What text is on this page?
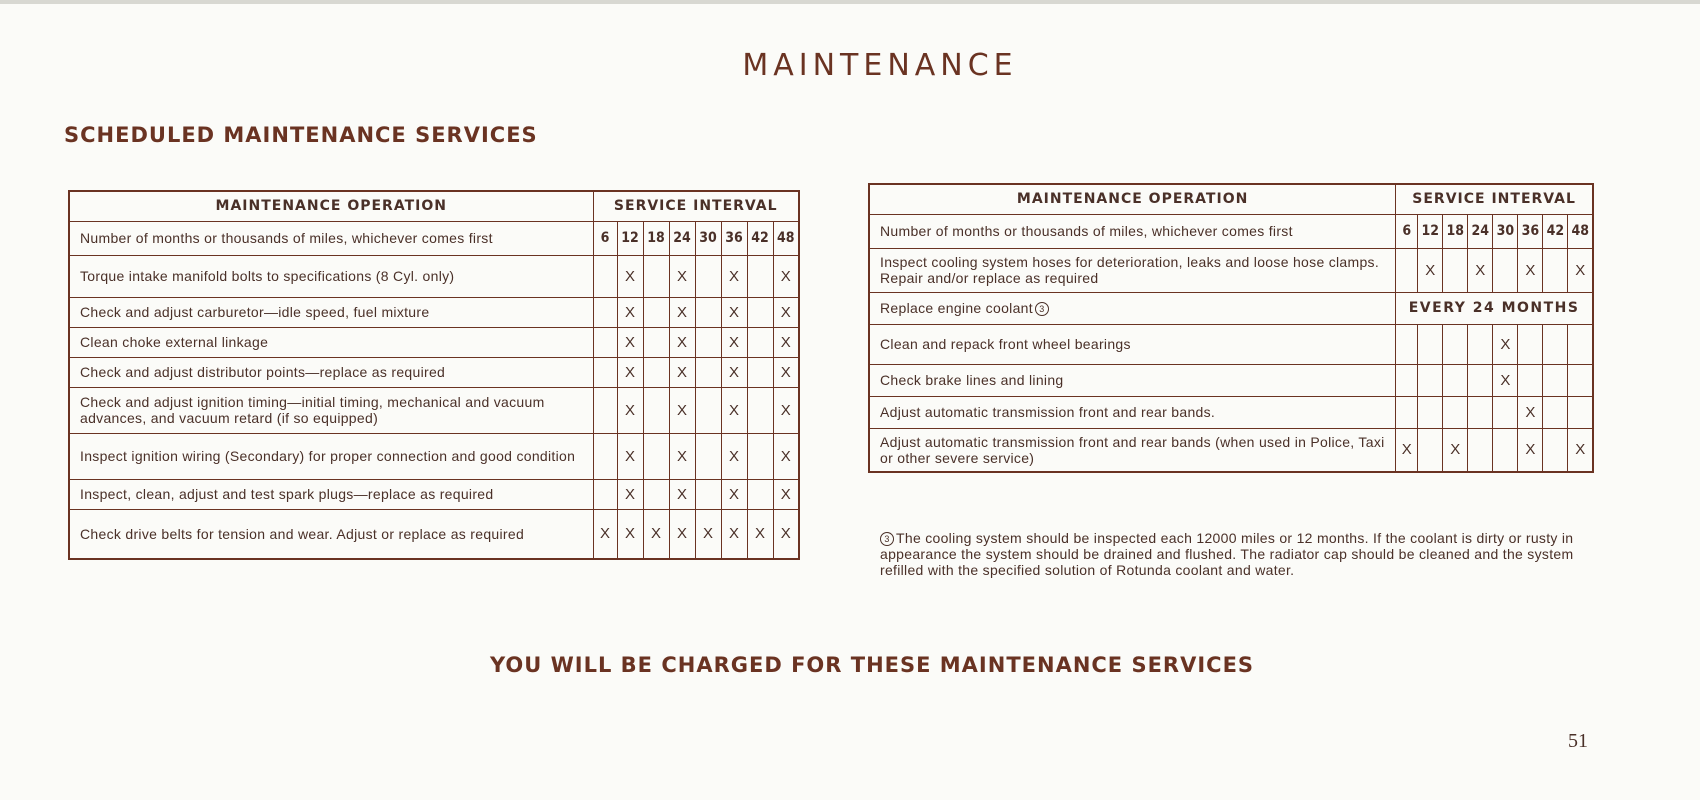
MAINTENANCE
SCHEDULED MAINTENANCE SERVICES
MAINTENANCE OPERATION	SERVICE INTERVAL							
Number of months or thousands of miles, whichever comes first	6	12	18	24	30	36	42	48
Torque intake manifold bolts to specifications (8 Cyl. only)		X		X		X		X
Check and adjust carburetor—idle speed, fuel mixture		X		X		X		X
Clean choke external linkage		X		X		X		X
Check and adjust distributor points—replace as required		X		X		X		X
Check and adjust ignition timing—initial timing, mechanical and vacuum advances, and vacuum retard (if so equipped)		X		X		X		X
Inspect ignition wiring (Secondary) for proper connection and good condition		X		X		X		X
Inspect, clean, adjust and test spark plugs—replace as required		X		X		X		X
Check drive belts for tension and wear. Adjust or replace as required	X	X	X	X	X	X	X	X
MAINTENANCE OPERATION	SERVICE INTERVAL							
Number of months or thousands of miles, whichever comes first	6	12	18	24	30	36	42	48
Inspect cooling system hoses for deterioration, leaks and loose hose clamps. Repair and/or replace as required		X		X		X		X
Replace engine coolant 3	EVERY 24 MONTHS							
Clean and repack front wheel bearings					X			
Check brake lines and lining					X			
Adjust automatic transmission front and rear bands.						X		
Adjust automatic transmission front and rear bands (when used in Police, Taxi or other severe service)	X		X			X		X
3 The cooling system should be inspected each 12000 miles or 12 months. If the coolant is dirty or rusty in appearance the system should be drained and flushed. The radiator cap should be cleaned and the system refilled with the specified solution of Rotunda coolant and water.
YOU WILL BE CHARGED FOR THESE MAINTENANCE SERVICES
51
